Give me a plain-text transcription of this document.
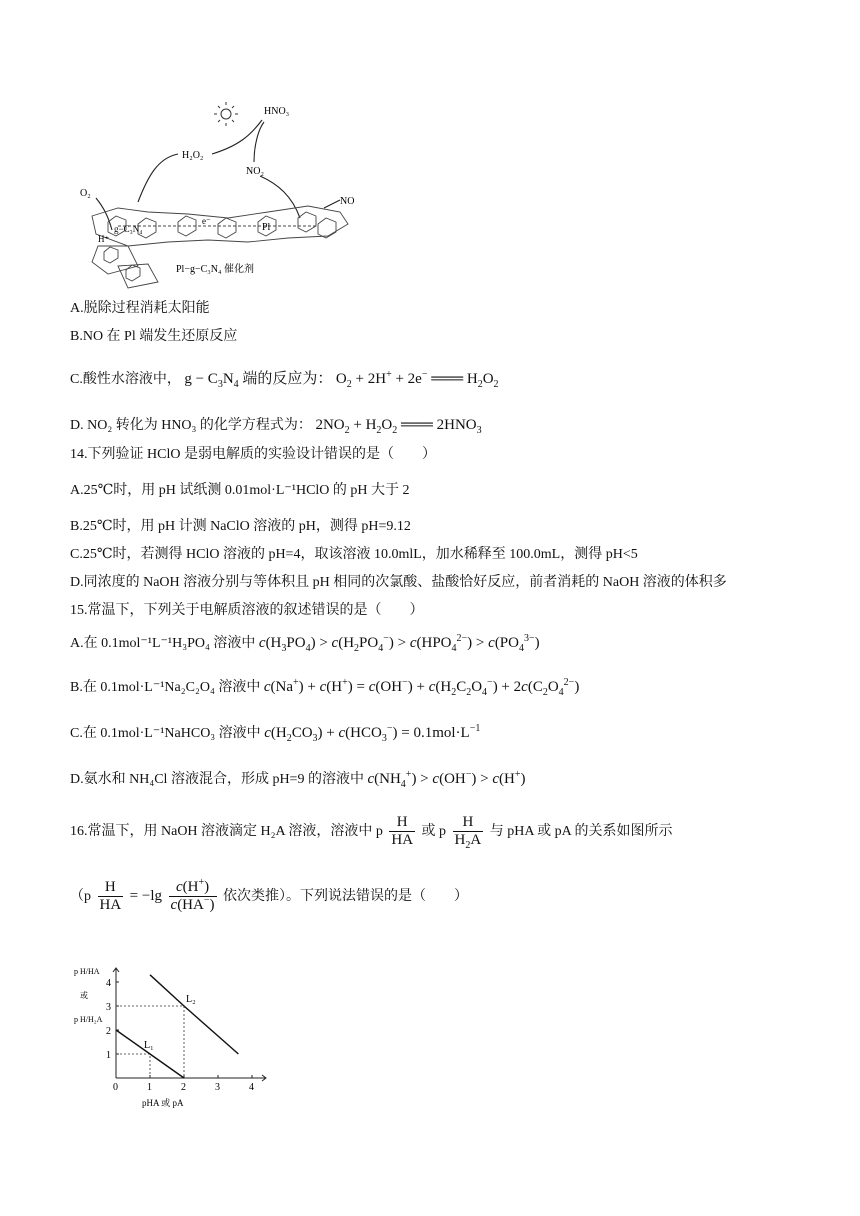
HNO₃
H₂O₂
NO₂
O₂
NO
H⁺
g−C₃N₄
e⁻
Pl
Pl−g−C₃N₄ 催化剂
A.脱除过程消耗太阳能
B.NO 在 Pl 端发生还原反应
C.酸性水溶液中， $g - C_3N_4$ 端的反应为： $O_2 + 2H^+ + 2e^-$ ═══ $H_2O_2$
D. NO₂ 转化为 HNO₃ 的化学方程式为： $2NO_2 + H_2O_2$ ═══ $2HNO_3$
14.下列验证 HClO 是弱电解质的实验设计错误的是（　　）
A.25℃时，用 pH 试纸测 0.01mol·L⁻¹HClO 的 pH 大于 2
B.25℃时，用 pH 计测 NaClO 溶液的 pH，测得 pH=9.12
C.25℃时，若测得 HClO 溶液的 pH=4，取该溶液 10.0mlL，加水稀释至 100.0mL，测得 pH<5
D.同浓度的 NaOH 溶液分别与等体积且 pH 相同的次氯酸、盐酸恰好反应，前者消耗的 NaOH 溶液的体积多
15.常温下，下列关于电解质溶液的叙述错误的是（　　）
A.在 0.1mol⁻¹L⁻¹H₃PO₄ 溶液中 $c(H_3PO_4) > c(H_2PO_4^-) > c(HPO_4^{2-}) > c(PO_4^{3-})$
B.在 0.1mol·L⁻¹Na₂C₂O₄ 溶液中 $c(Na^+) + c(H^+) = c(OH^-) + c(H_2C_2O_4^-) + 2c(C_2O_4^{2-})$
C.在 0.1mol·L⁻¹NaHCO₃ 溶液中 $c(H_2CO_3) + c(HCO_3^-) = 0.1mol\cdot L^{-1}$
D.氨水和 NH₄Cl 溶液混合，形成 pH=9 的溶液中 $c(NH_4^+) > c(OH^-) > c(H^+)$
16.常温下，用 NaOH 溶液滴定 H₂A 溶液，溶液中 p $\frac{H}{HA}$ 或 p $\frac{H}{H_2A}$ 与 pHA 或 pA 的关系如图所示
（$p \frac{H}{HA} = -\lg \frac{c(H^+)}{c(HA^-)}$ 依次类推）。下列说法错误的是（　　）
0	1	2	3	4
1
2
3
4
L₁
L₂
p H/HA
或
p H/H₂A
pHA 或 pA
